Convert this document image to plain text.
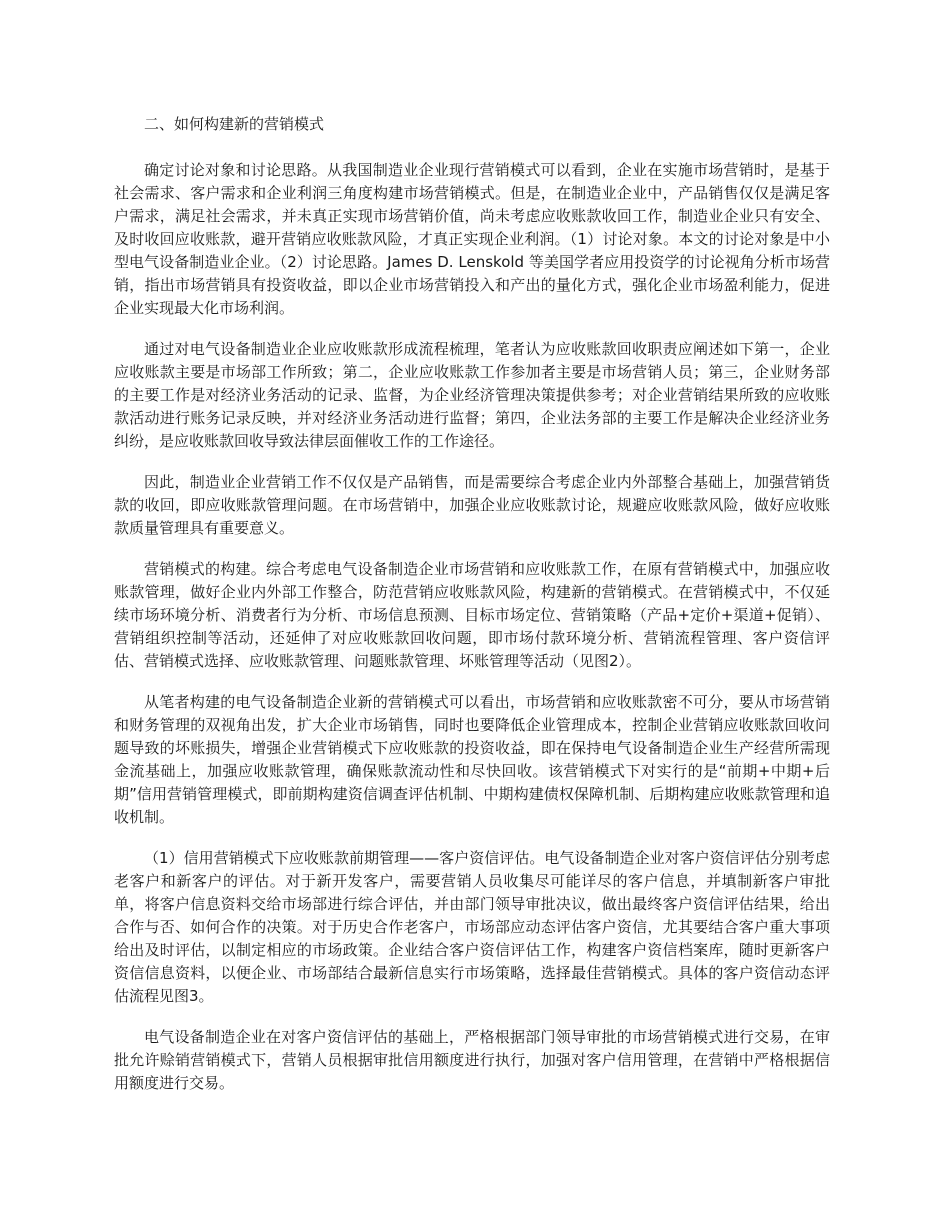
二、如何构建新的营销模式

确定讨论对象和讨论思路。从我国制造业企业现行营销模式可以看到，企业在实施市场营销时，是基于社会需求、客户需求和企业利润三角度构建市场营销模式。但是，在制造业企业中，产品销售仅仅是满足客户需求，满足社会需求，并未真正实现市场营销价值，尚未考虑应收账款收回工作，制造业企业只有安全、及时收回应收账款，避开营销应收账款风险，才真正实现企业利润。（1）讨论对象。本文的讨论对象是中小型电气设备制造业企业。（2）讨论思路。James D. Lenskold 等美国学者应用投资学的讨论视角分析市场营销，指出市场营销具有投资收益，即以企业市场营销投入和产出的量化方式，强化企业市场盈利能力，促进企业实现最大化市场利润。

通过对电气设备制造业企业应收账款形成流程梳理，笔者认为应收账款回收职责应阐述如下第一，企业应收账款主要是市场部工作所致；第二，企业应收账款工作参加者主要是市场营销人员；第三，企业财务部的主要工作是对经济业务活动的记录、监督，为企业经济管理决策提供参考；对企业营销结果所致的应收账款活动进行账务记录反映，并对经济业务活动进行监督；第四，企业法务部的主要工作是解决企业经济业务纠纷，是应收账款回收导致法律层面催收工作的工作途径。

因此，制造业企业营销工作不仅仅是产品销售，而是需要综合考虑企业内外部整合基础上，加强营销货款的收回，即应收账款管理问题。在市场营销中，加强企业应收账款讨论，规避应收账款风险，做好应收账款质量管理具有重要意义。

营销模式的构建。综合考虑电气设备制造企业市场营销和应收账款工作，在原有营销模式中，加强应收账款管理，做好企业内外部工作整合，防范营销应收账款风险，构建新的营销模式。在营销模式中，不仅延续市场环境分析、消费者行为分析、市场信息预测、目标市场定位、营销策略（产品+定价+渠道+促销）、营销组织控制等活动，还延伸了对应收账款回收问题，即市场付款环境分析、营销流程管理、客户资信评估、营销模式选择、应收账款管理、问题账款管理、坏账管理等活动（见图2）。

从笔者构建的电气设备制造企业新的营销模式可以看出，市场营销和应收账款密不可分，要从市场营销和财务管理的双视角出发，扩大企业市场销售，同时也要降低企业管理成本，控制企业营销应收账款回收问题导致的坏账损失，增强企业营销模式下应收账款的投资收益，即在保持电气设备制造企业生产经营所需现金流基础上，加强应收账款管理，确保账款流动性和尽快回收。该营销模式下对实行的是“前期+中期+后期”信用营销管理模式，即前期构建资信调查评估机制、中期构建债权保障机制、后期构建应收账款管理和追收机制。

（1）信用营销模式下应收账款前期管理——客户资信评估。电气设备制造企业对客户资信评估分别考虑老客户和新客户的评估。对于新开发客户，需要营销人员收集尽可能详尽的客户信息，并填制新客户审批单，将客户信息资料交给市场部进行综合评估，并由部门领导审批决议，做出最终客户资信评估结果，给出合作与否、如何合作的决策。对于历史合作老客户，市场部应动态评估客户资信，尤其要结合客户重大事项给出及时评估，以制定相应的市场政策。企业结合客户资信评估工作，构建客户资信档案库，随时更新客户资信信息资料，以便企业、市场部结合最新信息实行市场策略，选择最佳营销模式。具体的客户资信动态评估流程见图3。

电气设备制造企业在对客户资信评估的基础上，严格根据部门领导审批的市场营销模式进行交易，在审批允许赊销营销模式下，营销人员根据审批信用额度进行执行，加强对客户信用管理，在营销中严格根据信用额度进行交易。
